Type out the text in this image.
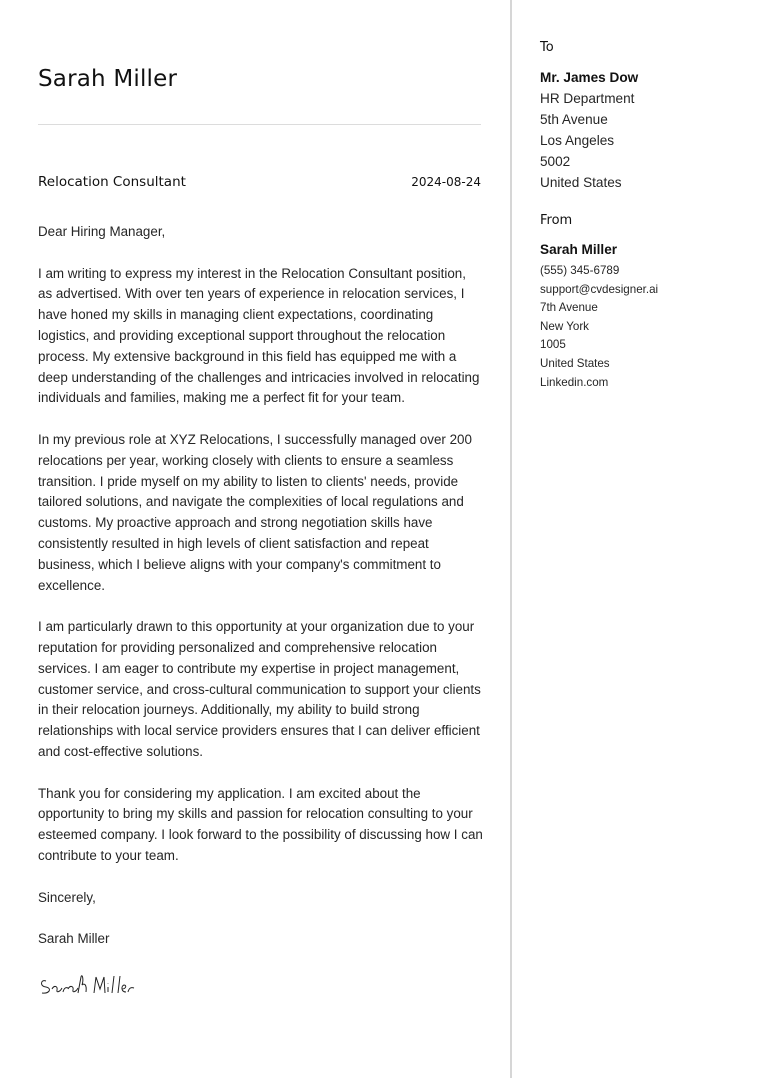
Sarah Miller
Relocation Consultant	2024-08-24

Dear Hiring Manager,

I am writing to express my interest in the Relocation Consultant position, as advertised. With over ten years of experience in relocation services, I have honed my skills in managing client expectations, coordinating logistics, and providing exceptional support throughout the relocation process. My extensive background in this field has equipped me with a deep understanding of the challenges and intricacies involved in relocating individuals and families, making me a perfect fit for your team.

In my previous role at XYZ Relocations, I successfully managed over 200 relocations per year, working closely with clients to ensure a seamless transition. I pride myself on my ability to listen to clients' needs, provide tailored solutions, and navigate the complexities of local regulations and customs. My proactive approach and strong negotiation skills have consistently resulted in high levels of client satisfaction and repeat business, which I believe aligns with your company's commitment to excellence.

I am particularly drawn to this opportunity at your organization due to your reputation for providing personalized and comprehensive relocation services. I am eager to contribute my expertise in project management, customer service, and cross-cultural communication to support your clients in their relocation journeys. Additionally, my ability to build strong relationships with local service providers ensures that I can deliver efficient and cost-effective solutions.

Thank you for considering my application. I am excited about the opportunity to bring my skills and passion for relocation consulting to your esteemed company. I look forward to the possibility of discussing how I can contribute to your team.

Sincerely,

Sarah Miller

To
Mr. James Dow
HR Department
5th Avenue
Los Angeles
5002
United States
From
Sarah Miller
(555) 345-6789
support@cvdesigner.ai
7th Avenue
New York
1005
United States
Linkedin.com
